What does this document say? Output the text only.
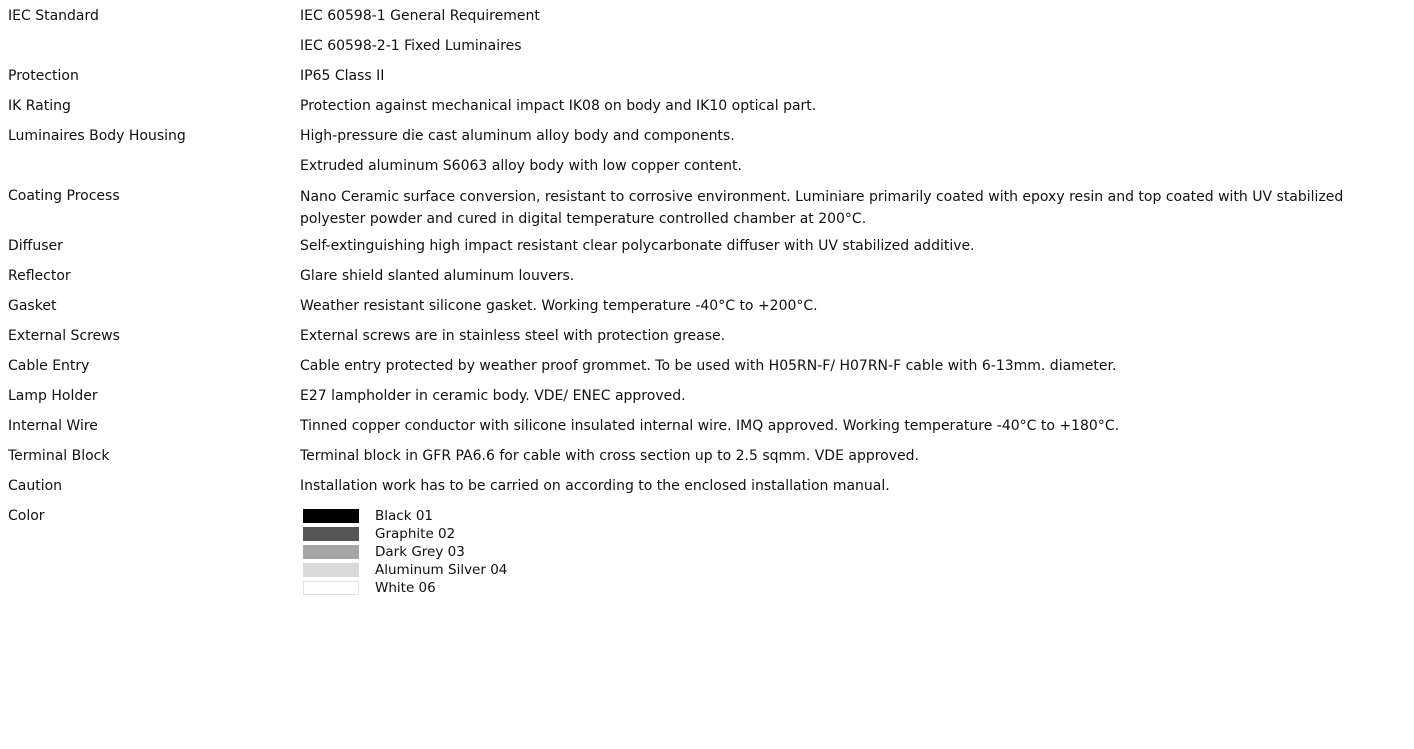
IEC Standard	IEC 60598-1 General Requirement
IEC 60598-2-1 Fixed Luminaires
Protection	IP65 Class II
IK Rating	Protection against mechanical impact IK08 on body and IK10 optical part.
Luminaires Body Housing	High-pressure die cast aluminum alloy body and components.
Extruded aluminum S6063 alloy body with low copper content.
Coating Process	Nano Ceramic surface conversion, resistant to corrosive environment. Luminiare primarily coated with epoxy resin and top coated with UV stabilized polyester powder and cured in digital temperature controlled chamber at 200°C.
Diffuser	Self-extinguishing high impact resistant clear polycarbonate diffuser with UV stabilized additive.
Reflector	Glare shield slanted aluminum louvers.
Gasket	Weather resistant silicone gasket. Working temperature -40°C to +200°C.
External Screws	External screws are in stainless steel with protection grease.
Cable Entry	Cable entry protected by weather proof grommet. To be used with H05RN-F/ H07RN-F cable with 6-13mm. diameter.
Lamp Holder	E27 lampholder in ceramic body. VDE/ ENEC approved.
Internal Wire	Tinned copper conductor with silicone insulated internal wire. IMQ approved. Working temperature -40°C to +180°C.
Terminal Block	Terminal block in GFR PA6.6 for cable with cross section up to 2.5 sqmm. VDE approved.
Caution	Installation work has to be carried on according to the enclosed installation manual.
Color	Black 01
Graphite 02
Dark Grey 03
Aluminum Silver 04
White 06
